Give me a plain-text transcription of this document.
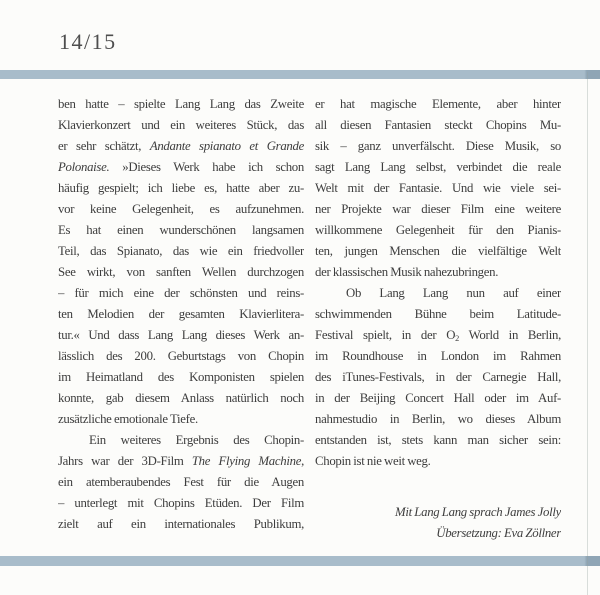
14/15
ben hatte – spielte Lang Lang das Zweite
Klavierkonzert und ein weiteres Stück, das
er sehr schätzt, Andante spianato et Grande
Polonaise. »Dieses Werk habe ich schon
häufig gespielt; ich liebe es, hatte aber zu-
vor keine Gelegenheit, es aufzunehmen.
Es hat einen wunderschönen langsamen
Teil, das Spianato, das wie ein friedvoller
See wirkt, von sanften Wellen durchzogen
– für mich eine der schönsten und reins-
ten Melodien der gesamten Klavierlitera-
tur.« Und dass Lang Lang dieses Werk an-
lässlich des 200. Geburtstags von Chopin
im Heimatland des Komponisten spielen
konnte, gab diesem Anlass natürlich noch
zusätzliche emotionale Tiefe.
Ein weiteres Ergebnis des Chopin-
Jahrs war der 3D-Film The Flying Machine,
ein atemberaubendes Fest für die Augen
– unterlegt mit Chopins Etüden. Der Film
zielt auf ein internationales Publikum,
er hat magische Elemente, aber hinter
all diesen Fantasien steckt Chopins Mu-
sik – ganz unverfälscht. Diese Musik, so
sagt Lang Lang selbst, verbindet die reale
Welt mit der Fantasie. Und wie viele sei-
ner Projekte war dieser Film eine weitere
willkommene Gelegenheit für den Pianis-
ten, jungen Menschen die vielfältige Welt
der klassischen Musik nahezubringen.
Ob Lang Lang nun auf einer
schwimmenden Bühne beim Latitude-
Festival spielt, in der $O_2$ World in Berlin,
im Roundhouse in London im Rahmen
des iTunes-Festivals, in der Carnegie Hall,
in der Beijing Concert Hall oder im Auf-
nahmestudio in Berlin, wo dieses Album
entstanden ist, stets kann man sicher sein:
Chopin ist nie weit weg.
Mit Lang Lang sprach James Jolly
Übersetzung: Eva Zöllner
